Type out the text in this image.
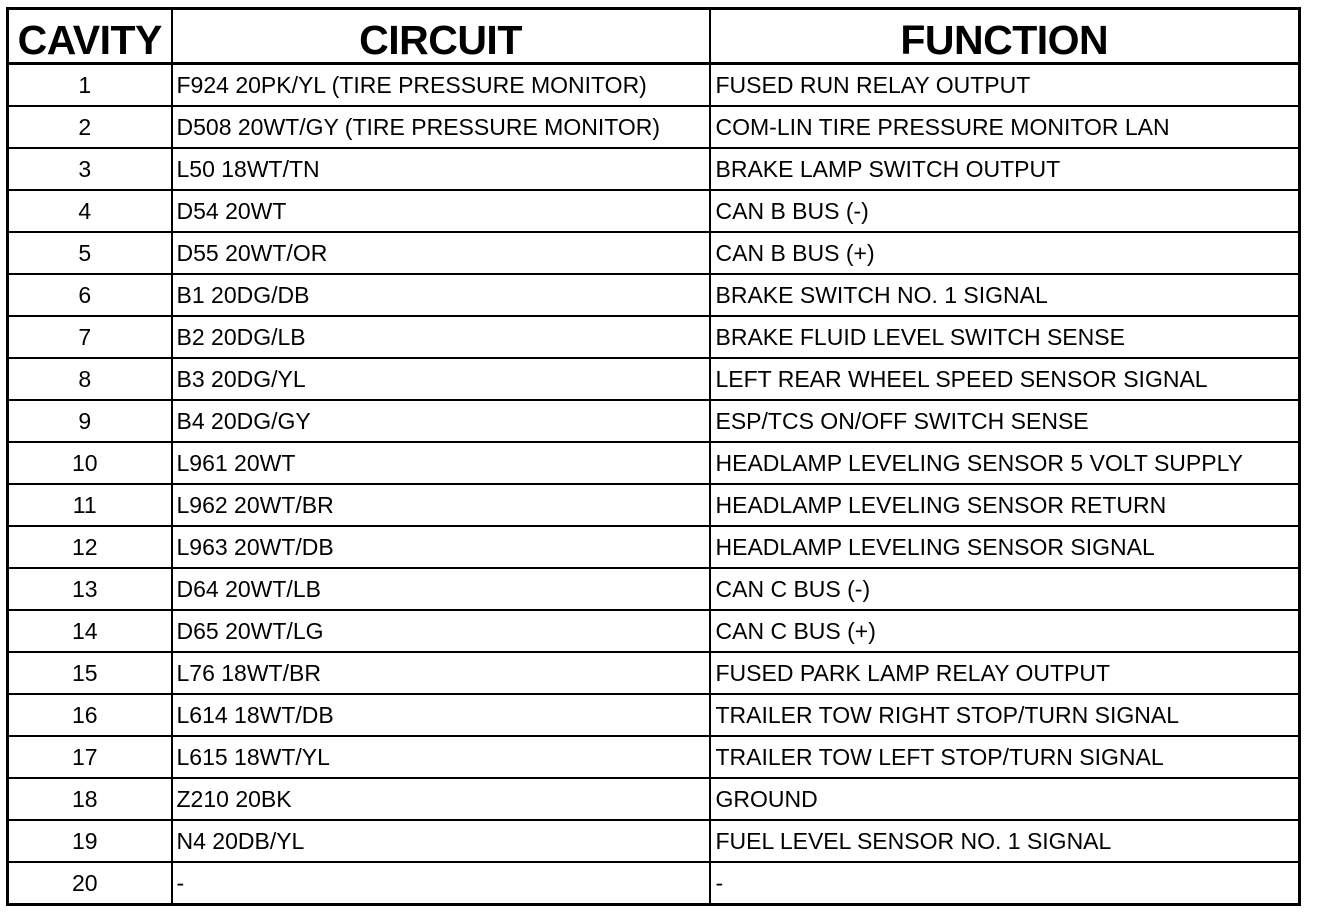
CAVITY	CIRCUIT	FUNCTION
1	F924 20PK/YL (TIRE PRESSURE MONITOR)	FUSED RUN RELAY OUTPUT
2	D508 20WT/GY (TIRE PRESSURE MONITOR)	COM-LIN TIRE PRESSURE MONITOR LAN
3	L50 18WT/TN	BRAKE LAMP SWITCH OUTPUT
4	D54 20WT	CAN B BUS (-)
5	D55 20WT/OR	CAN B BUS (+)
6	B1 20DG/DB	BRAKE SWITCH NO. 1 SIGNAL
7	B2 20DG/LB	BRAKE FLUID LEVEL SWITCH SENSE
8	B3 20DG/YL	LEFT REAR WHEEL SPEED SENSOR SIGNAL
9	B4 20DG/GY	ESP/TCS ON/OFF SWITCH SENSE
10	L961 20WT	HEADLAMP LEVELING SENSOR 5 VOLT SUPPLY
11	L962 20WT/BR	HEADLAMP LEVELING SENSOR RETURN
12	L963 20WT/DB	HEADLAMP LEVELING SENSOR SIGNAL
13	D64 20WT/LB	CAN C BUS (-)
14	D65 20WT/LG	CAN C BUS (+)
15	L76 18WT/BR	FUSED PARK LAMP RELAY OUTPUT
16	L614 18WT/DB	TRAILER TOW RIGHT STOP/TURN SIGNAL
17	L615 18WT/YL	TRAILER TOW LEFT STOP/TURN SIGNAL
18	Z210 20BK	GROUND
19	N4 20DB/YL	FUEL LEVEL SENSOR NO. 1 SIGNAL
20	-	-
